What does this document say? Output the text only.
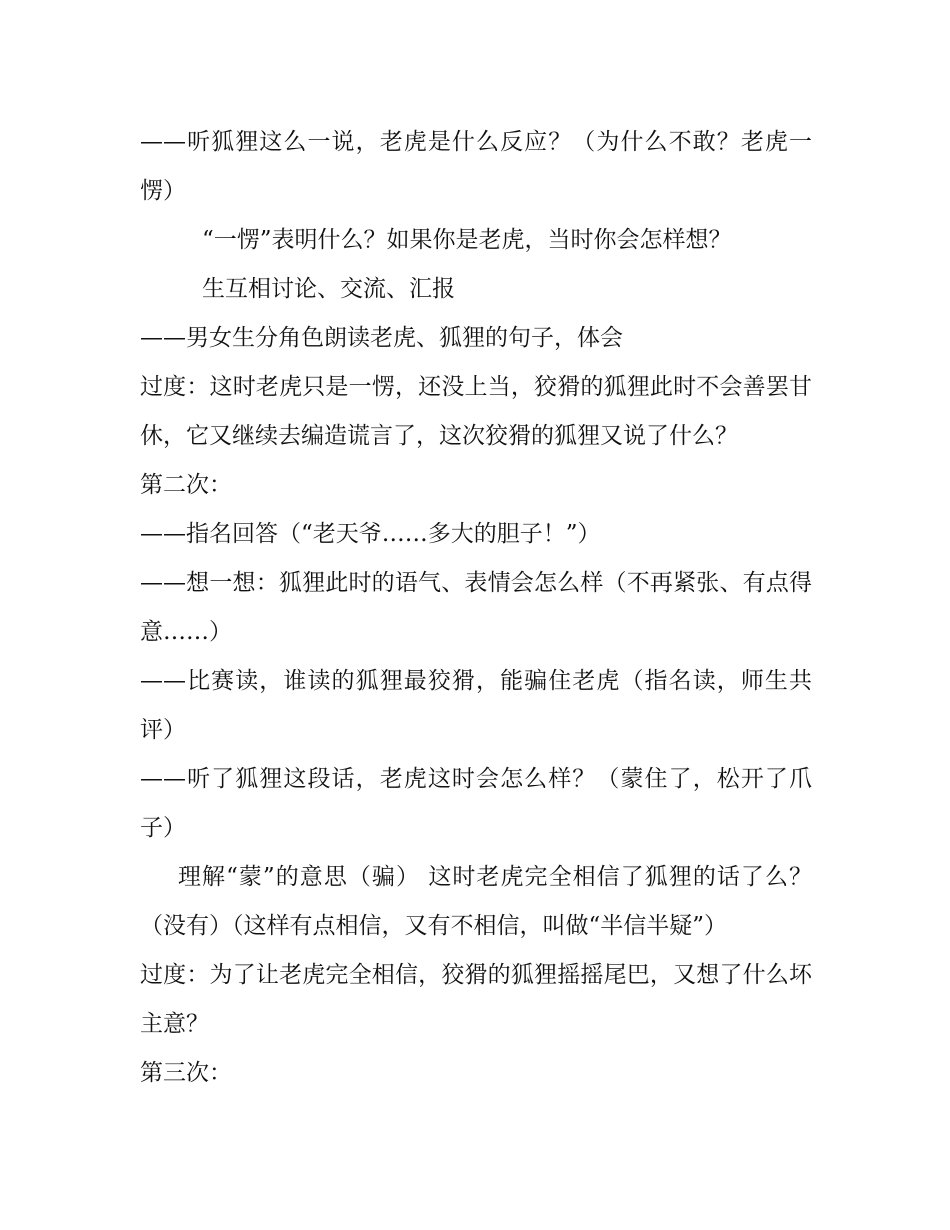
——听狐狸这么一说，老虎是什么反应？（为什么不敢？老虎一愣）

“一愣”表明什么？如果你是老虎，当时你会怎样想？

生互相讨论、交流、汇报

——男女生分角色朗读老虎、狐狸的句子，体会

过度：这时老虎只是一愣，还没上当，狡猾的狐狸此时不会善罢甘休，它又继续去编造谎言了，这次狡猾的狐狸又说了什么？

第二次：

——指名回答（“老天爷……多大的胆子！”）

——想一想：狐狸此时的语气、表情会怎么样（不再紧张、有点得意……）

——比赛读，谁读的狐狸最狡猾，能骗住老虎（指名读，师生共评）

——听了狐狸这段话，老虎这时会怎么样？（蒙住了，松开了爪子）

理解“蒙”的意思（骗） 这时老虎完全相信了狐狸的话了么？（没有）（这样有点相信，又有不相信，叫做“半信半疑”）

过度：为了让老虎完全相信，狡猾的狐狸摇摇尾巴，又想了什么坏主意？

第三次：
